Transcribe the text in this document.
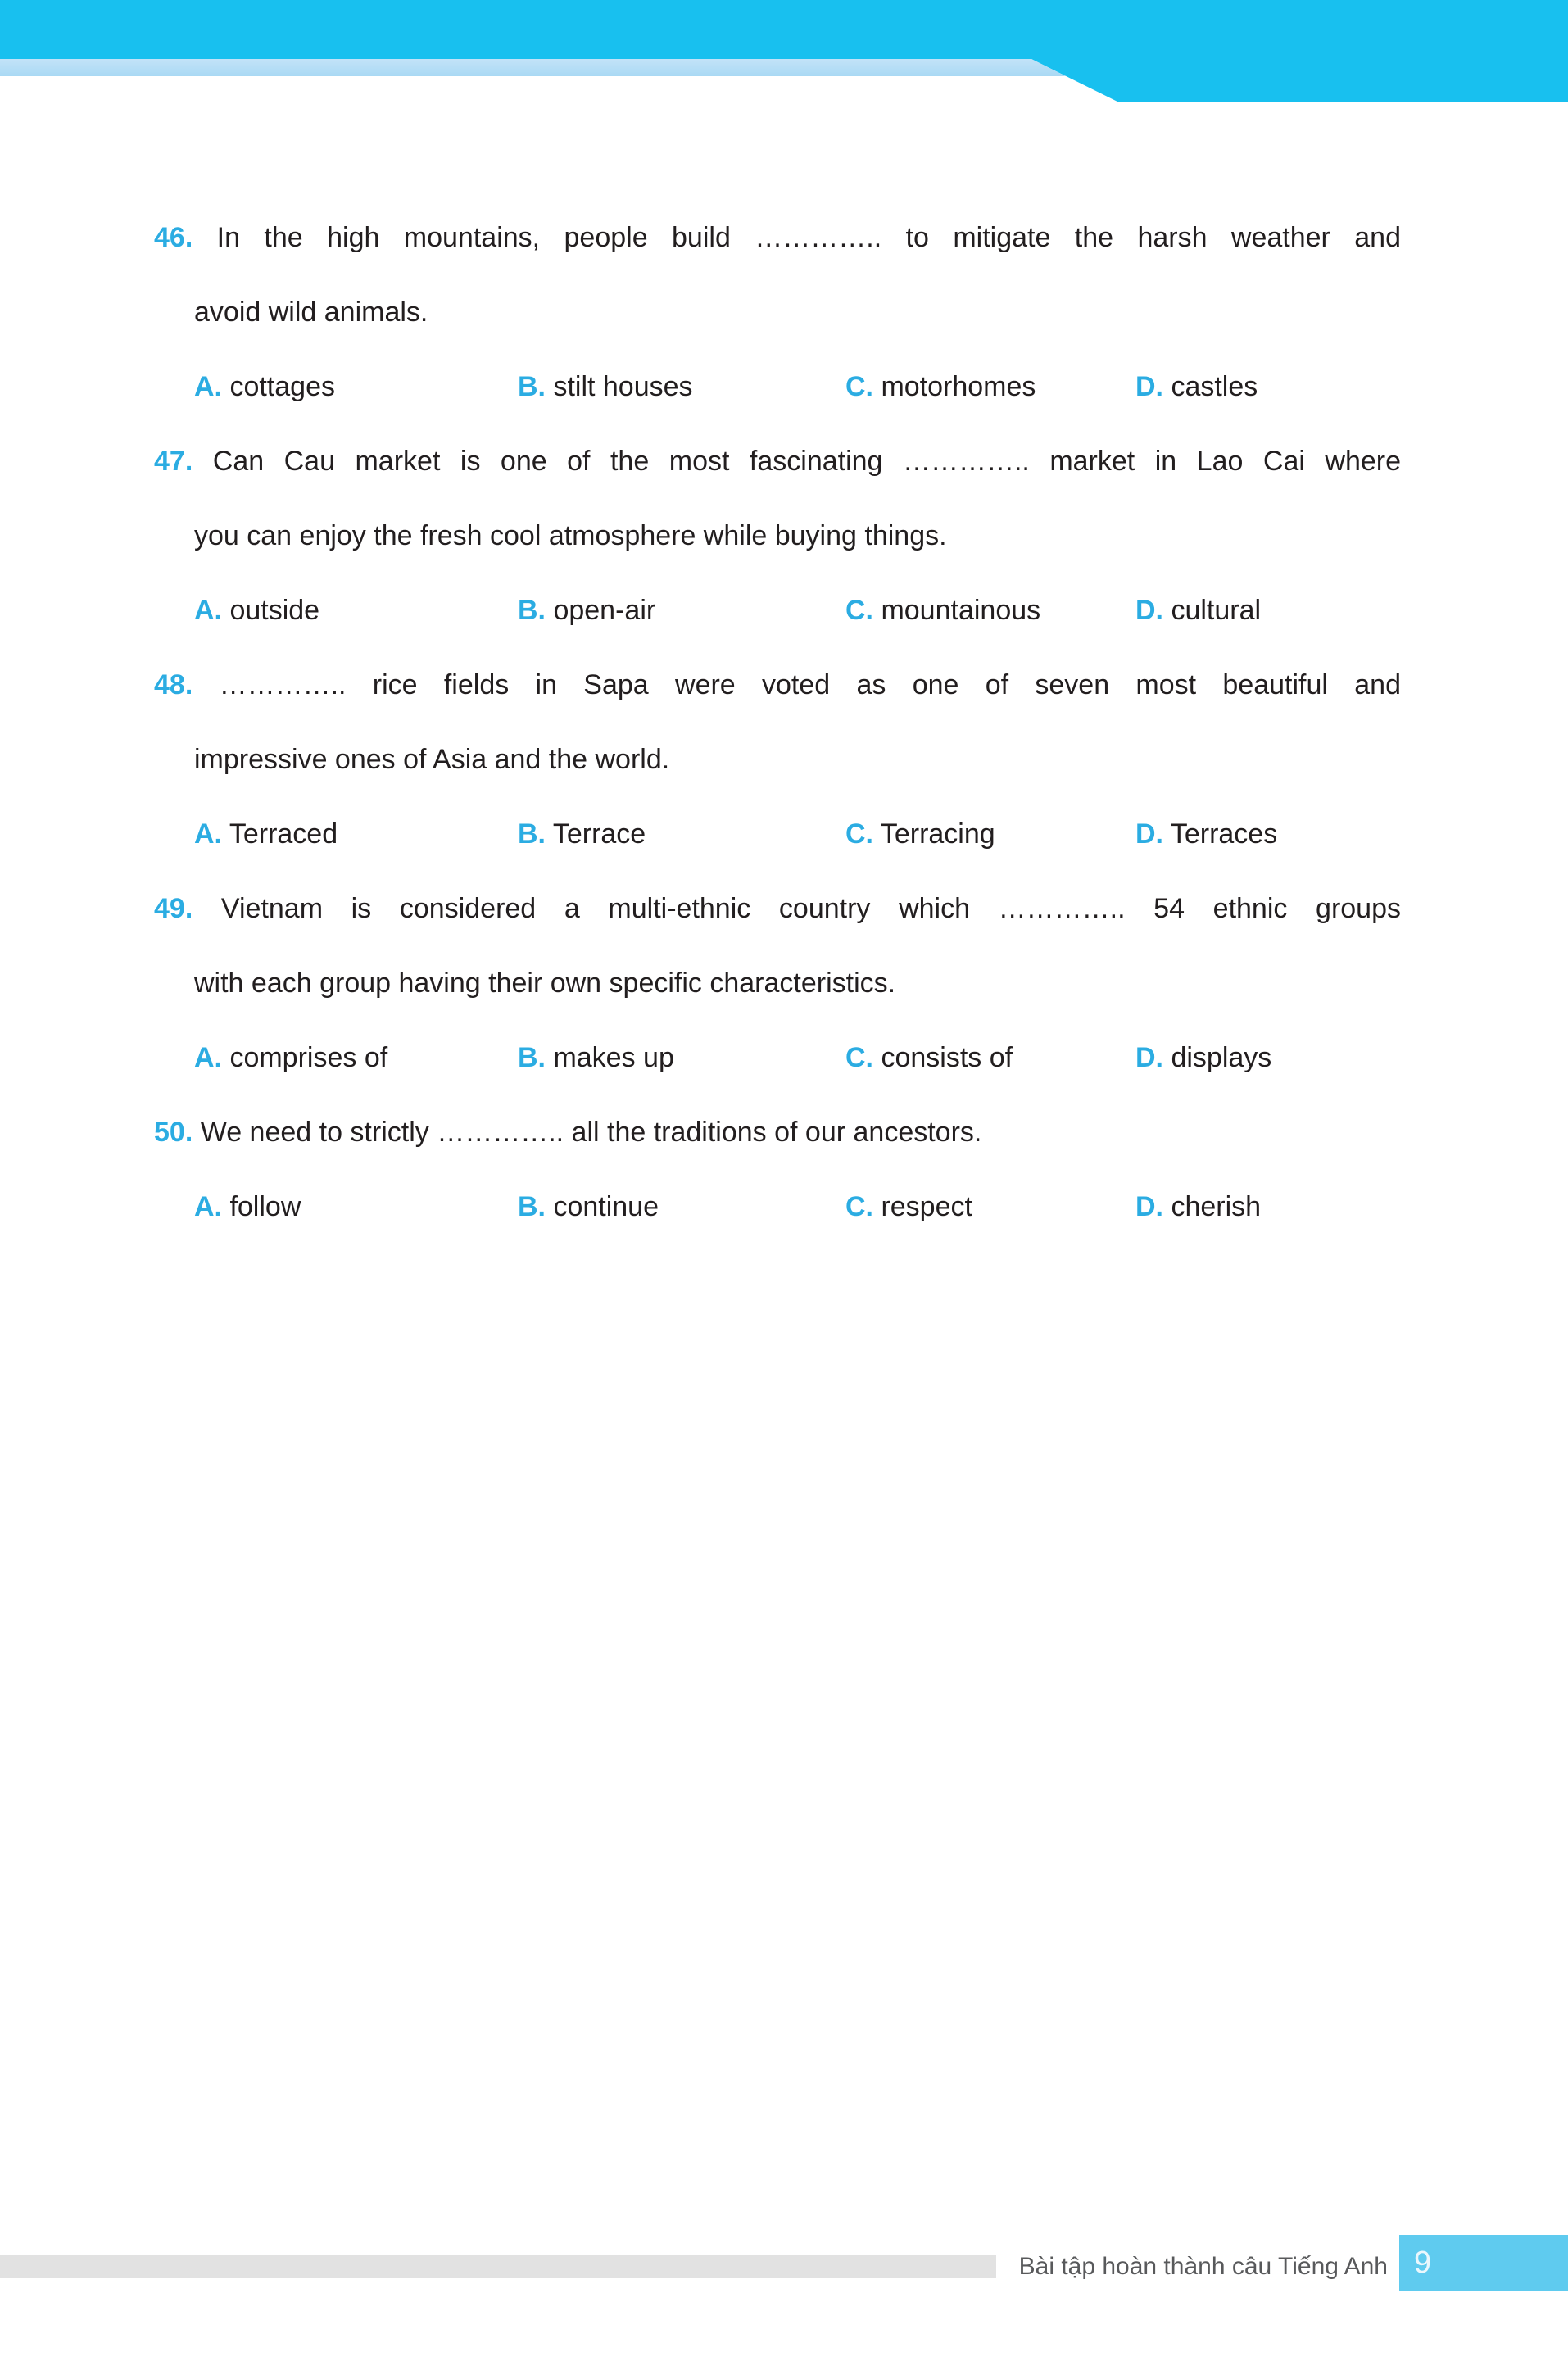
46. In the high mountains, people build ………….. to mitigate the harsh weather and

avoid wild animals.

A. cottages	B. stilt houses	C. motorhomes	D. castles

47. Can Cau market is one of the most fascinating ………….. market in Lao Cai where

you can enjoy the fresh cool atmosphere while buying things.

A. outside	B. open-air	C. mountainous	D. cultural

48. ………….. rice fields in Sapa were voted as one of seven most beautiful and

impressive ones of Asia and the world.

A. Terraced	B. Terrace	C. Terracing	D. Terraces

49. Vietnam is considered a multi-ethnic country which ………….. 54 ethnic groups

with each group having their own specific characteristics.

A. comprises of	B. makes up	C. consists of	D. displays

50. We need to strictly ………….. all the traditions of our ancestors.

A. follow	B. continue	C. respect	D. cherish
Bài tập hoàn thành câu Tiếng Anh 9
